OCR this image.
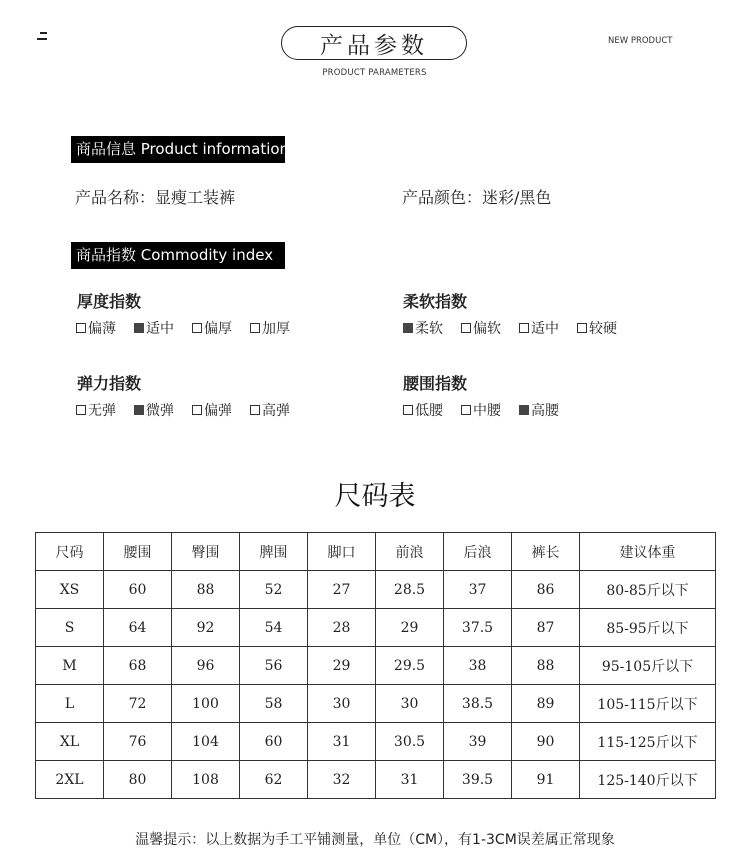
产品参数
PRODUCT PARAMETERS
NEW PRODUCT
商品信息 Product information
产品名称：显瘦工装裤	产品颜色：迷彩/黑色
商品指数 Commodity index
厚度指数
偏薄 适中 偏厚 加厚
柔软指数
柔软 偏软 适中 较硬
弹力指数
无弹 微弹 偏弹 高弹
腰围指数
低腰 中腰 高腰
尺码表
尺码	腰围	臀围	脾围	脚口	前浪	后浪	裤长	建议体重
XS	60	88	52	27	28.5	37	86	80-85斤以下
S	64	92	54	28	29	37.5	87	85-95斤以下
M	68	96	56	29	29.5	38	88	95-105斤以下
L	72	100	58	30	30	38.5	89	105-115斤以下
XL	76	104	60	31	30.5	39	90	115-125斤以下
2XL	80	108	62	32	31	39.5	91	125-140斤以下
温馨提示：以上数据为手工平铺测量，单位（CM），有1-3CM误差属正常现象
